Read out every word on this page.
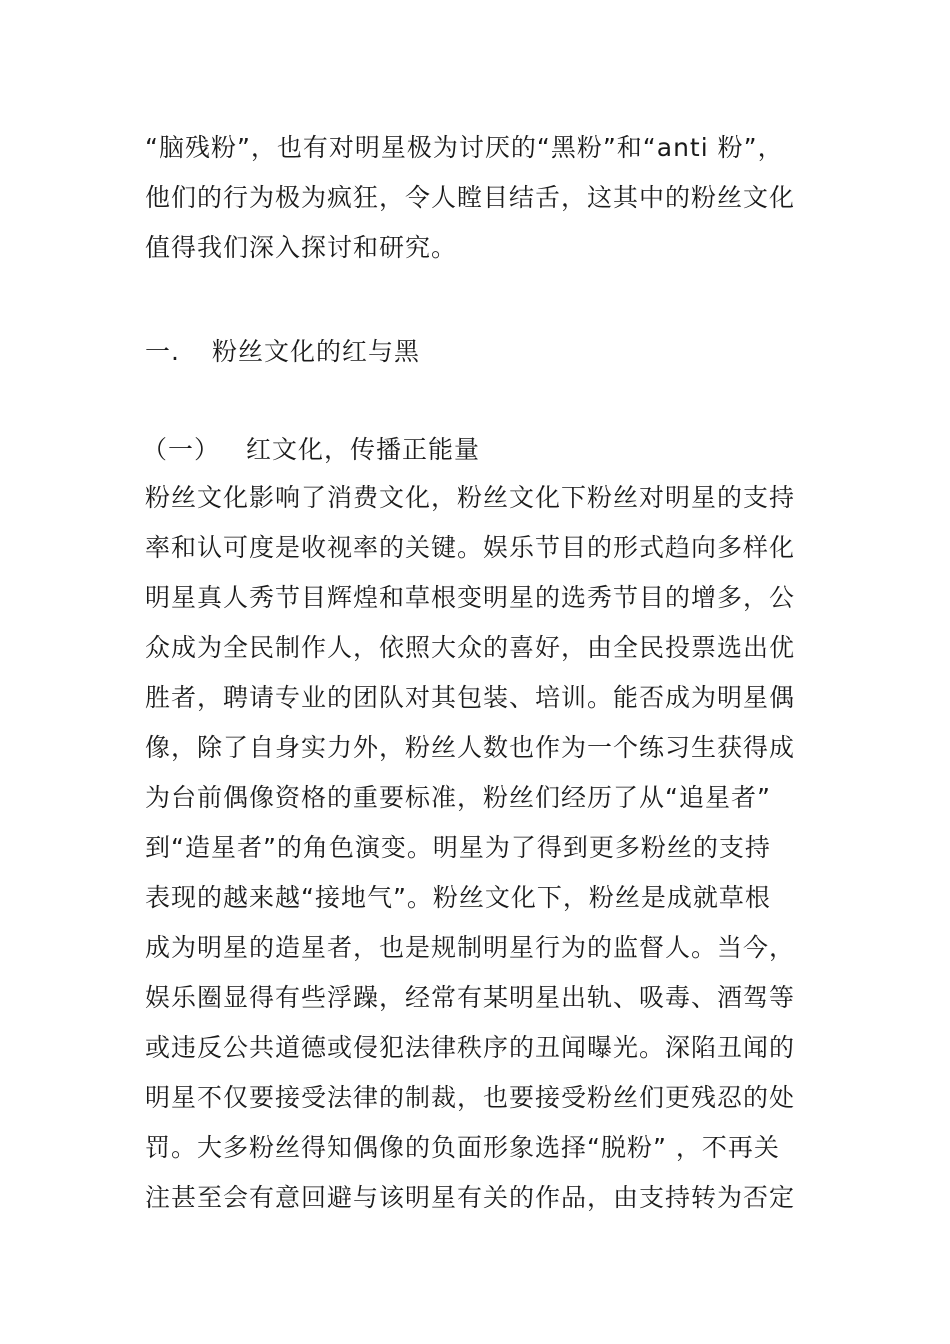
“脑残粉”，也有对明星极为讨厌的“黑粉”和“anti 粉”，
他们的行为极为疯狂，令人瞠目结舌，这其中的粉丝文化
值得我们深入探讨和研究。
一. 粉丝文化的红与黑
（一） 红文化，传播正能量
粉丝文化影响了消费文化，粉丝文化下粉丝对明星的支持
率和认可度是收视率的关键。娱乐节目的形式趋向多样化
明星真人秀节目辉煌和草根变明星的选秀节目的增多，公
众成为全民制作人，依照大众的喜好，由全民投票选出优
胜者，聘请专业的团队对其包装、培训。能否成为明星偶
像，除了自身实力外，粉丝人数也作为一个练习生获得成
为台前偶像资格的重要标准，粉丝们经历了从“追星者”
到“造星者”的角色演变。明星为了得到更多粉丝的支持
表现的越来越“接地气”。粉丝文化下，粉丝是成就草根
成为明星的造星者，也是规制明星行为的监督人。当今，
娱乐圈显得有些浮躁，经常有某明星出轨、吸毒、酒驾等
或违反公共道德或侵犯法律秩序的丑闻曝光。深陷丑闻的
明星不仅要接受法律的制裁，也要接受粉丝们更残忍的处
罚。大多粉丝得知偶像的负面形象选择“脱粉” ，不再关
注甚至会有意回避与该明星有关的作品，由支持转为否定
